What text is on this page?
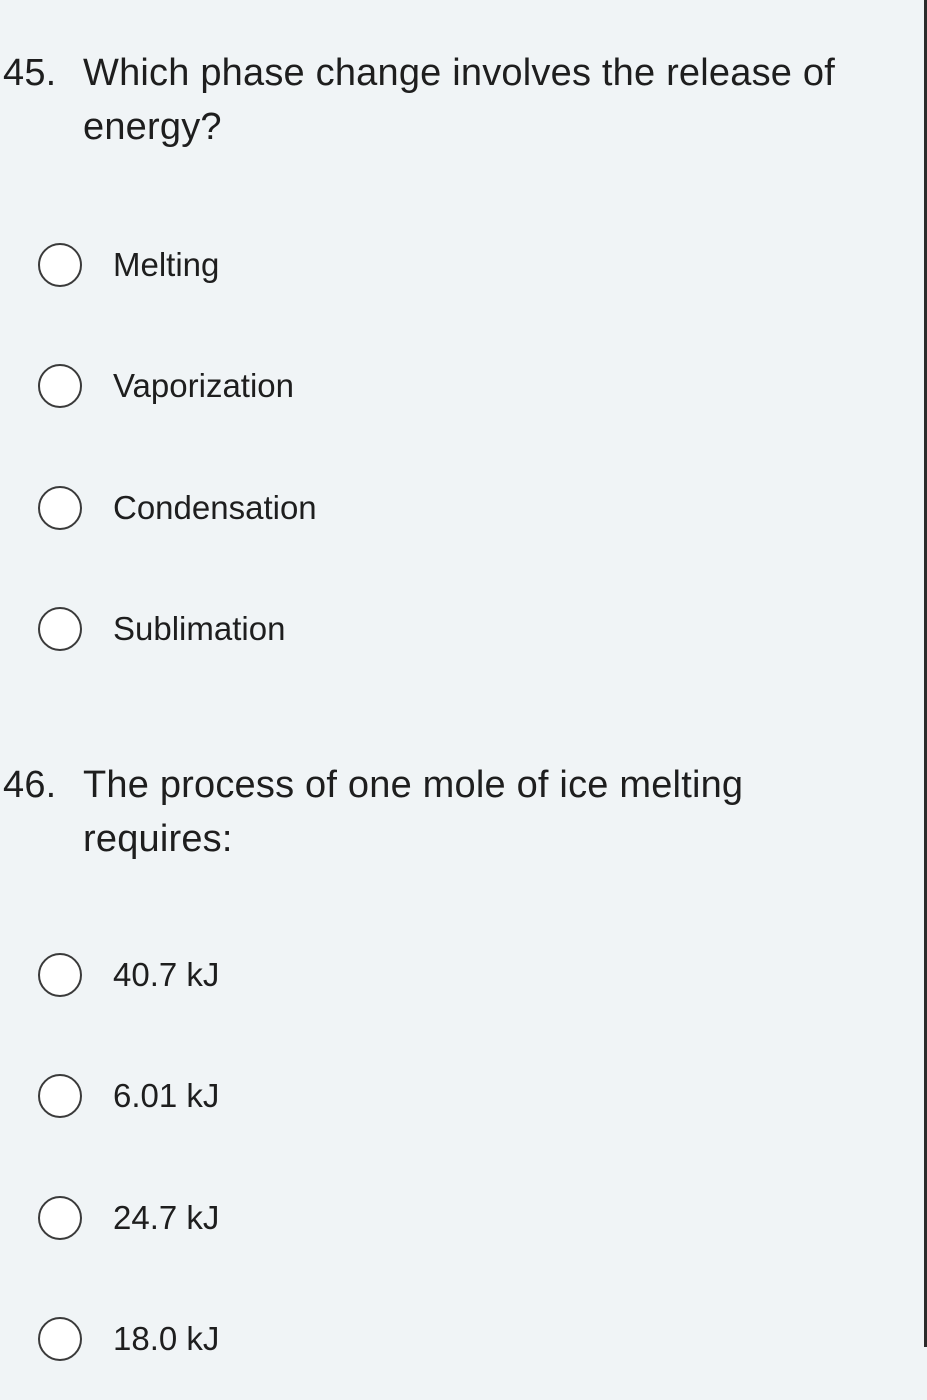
45. Which phase change involves the release of energy?
Melting
Vaporization
Condensation
Sublimation
46. The process of one mole of ice melting requires:
40.7 kJ
6.01 kJ
24.7 kJ
18.0 kJ
